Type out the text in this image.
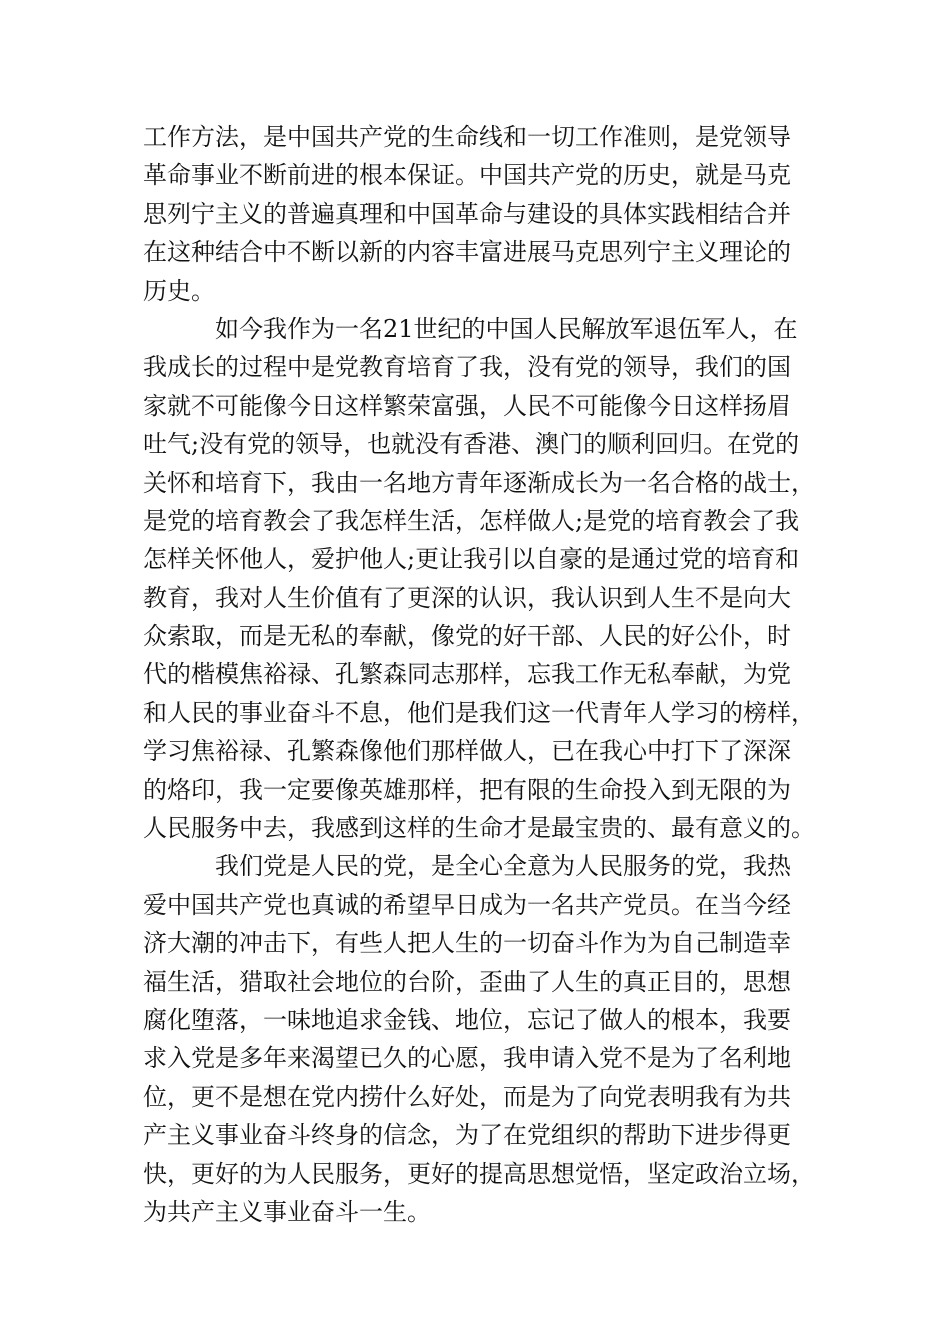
工作方法，是中国共产党的生命线和一切工作准则，是党领导
革命事业不断前进的根本保证。中国共产党的历史，就是马克
思列宁主义的普遍真理和中国革命与建设的具体实践相结合并
在这种结合中不断以新的内容丰富进展马克思列宁主义理论的
历史。
如今我作为一名21世纪的中国人民解放军退伍军人，在
我成长的过程中是党教育培育了我，没有党的领导，我们的国
家就不可能像今日这样繁荣富强，人民不可能像今日这样扬眉
吐气;没有党的领导，也就没有香港、澳门的顺利回归。在党的
关怀和培育下，我由一名地方青年逐渐成长为一名合格的战士，
是党的培育教会了我怎样生活，怎样做人;是党的培育教会了我
怎样关怀他人，爱护他人;更让我引以自豪的是通过党的培育和
教育，我对人生价值有了更深的认识，我认识到人生不是向大
众索取，而是无私的奉献，像党的好干部、人民的好公仆，时
代的楷模焦裕禄、孔繁森同志那样，忘我工作无私奉献，为党
和人民的事业奋斗不息，他们是我们这一代青年人学习的榜样，
学习焦裕禄、孔繁森像他们那样做人，已在我心中打下了深深
的烙印，我一定要像英雄那样，把有限的生命投入到无限的为
人民服务中去，我感到这样的生命才是最宝贵的、最有意义的。
我们党是人民的党，是全心全意为人民服务的党，我热
爱中国共产党也真诚的希望早日成为一名共产党员。在当今经
济大潮的冲击下，有些人把人生的一切奋斗作为为自己制造幸
福生活，猎取社会地位的台阶，歪曲了人生的真正目的，思想
腐化堕落，一味地追求金钱、地位，忘记了做人的根本，我要
求入党是多年来渴望已久的心愿，我申请入党不是为了名利地
位，更不是想在党内捞什么好处，而是为了向党表明我有为共
产主义事业奋斗终身的信念，为了在党组织的帮助下进步得更
快，更好的为人民服务，更好的提高思想觉悟，坚定政治立场，
为共产主义事业奋斗一生。
